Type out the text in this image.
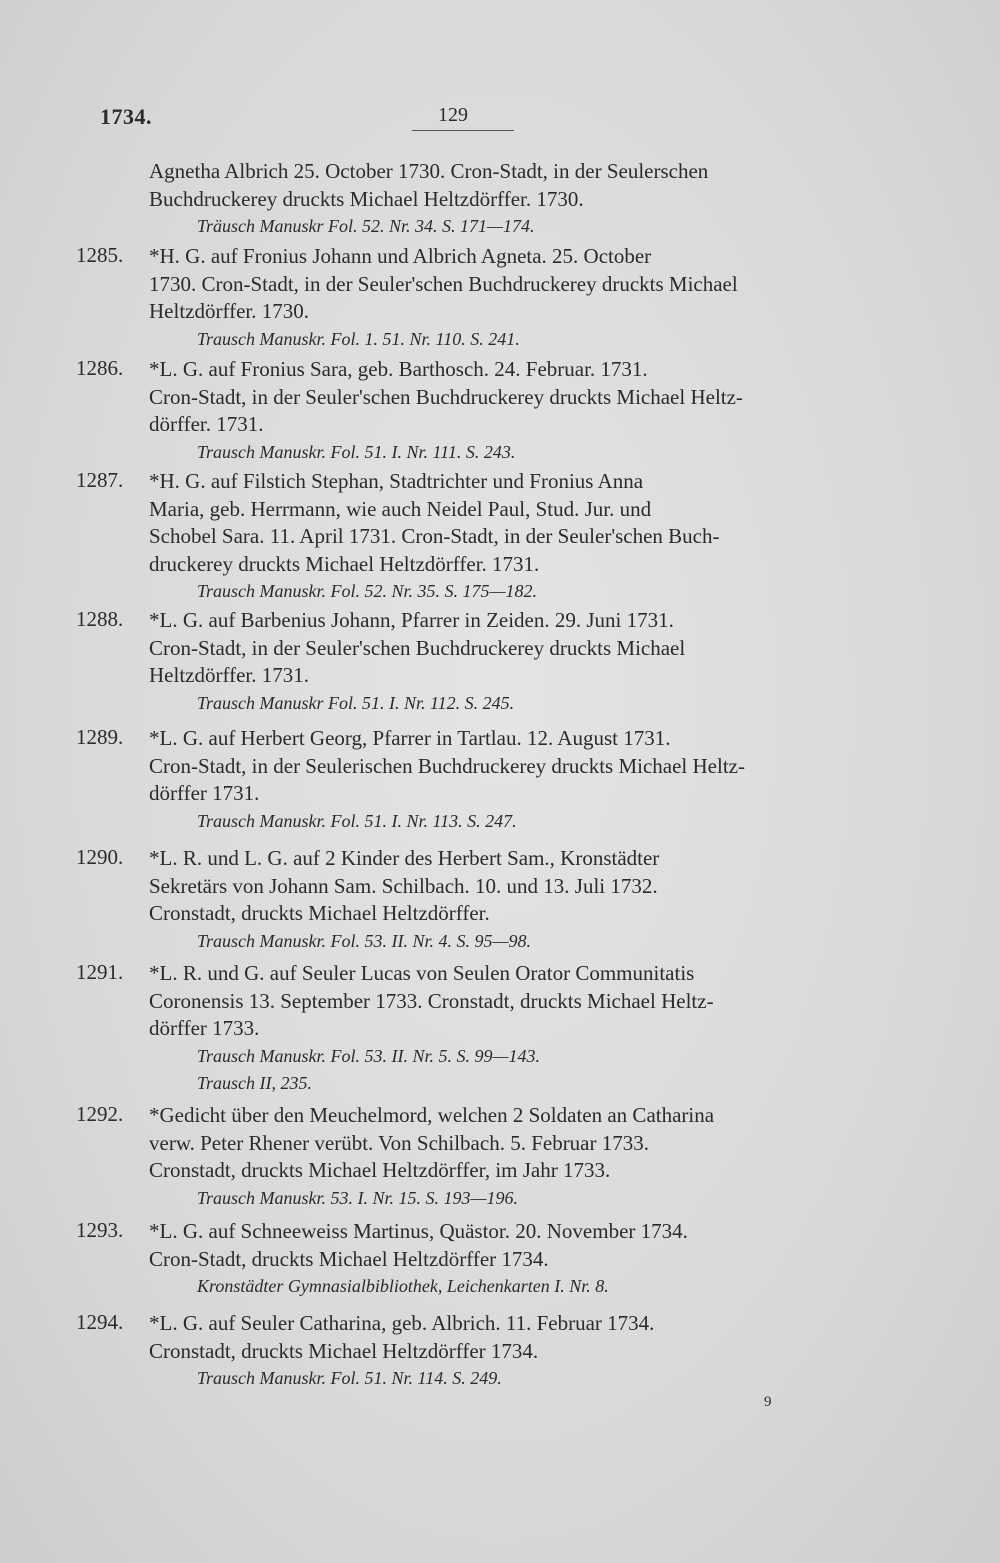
1734.	129
Agnetha Albrich 25. October 1730. Cron-Stadt, in der Seulerschen
Buchdruckerey druckts Michael Heltzdörffer. 1730.
Träusch Manuskr Fol. 52. Nr. 34. S. 171—174.
1285. *H. G. auf Fronius Johann und Albrich Agneta. 25. October
1730. Cron-Stadt, in der Seuler'schen Buchdruckerey druckts Michael
Heltzdörffer. 1730.
Trausch Manuskr. Fol. 1. 51. Nr. 110. S. 241.
1286. *L. G. auf Fronius Sara, geb. Barthosch. 24. Februar. 1731.
Cron-Stadt, in der Seuler'schen Buchdruckerey druckts Michael Heltz-
dörffer. 1731.
Trausch Manuskr. Fol. 51. I. Nr. 111. S. 243.
1287. *H. G. auf Filstich Stephan, Stadtrichter und Fronius Anna
Maria, geb. Herrmann, wie auch Neidel Paul, Stud. Jur. und
Schobel Sara. 11. April 1731. Cron-Stadt, in der Seuler'schen Buch-
druckerey druckts Michael Heltzdörffer. 1731.
Trausch Manuskr. Fol. 52. Nr. 35. S. 175—182.
1288. *L. G. auf Barbenius Johann, Pfarrer in Zeiden. 29. Juni 1731.
Cron-Stadt, in der Seuler'schen Buchdruckerey druckts Michael
Heltzdörffer. 1731.
Trausch Manuskr Fol. 51. I. Nr. 112. S. 245.
1289. *L. G. auf Herbert Georg, Pfarrer in Tartlau. 12. August 1731.
Cron-Stadt, in der Seulerischen Buchdruckerey druckts Michael Heltz-
dörffer 1731.
Trausch Manuskr. Fol. 51. I. Nr. 113. S. 247.
1290. *L. R. und L. G. auf 2 Kinder des Herbert Sam., Kronstädter
Sekretärs von Johann Sam. Schilbach. 10. und 13. Juli 1732.
Cronstadt, druckts Michael Heltzdörffer.
Trausch Manuskr. Fol. 53. II. Nr. 4. S. 95—98.
1291. *L. R. und G. auf Seuler Lucas von Seulen Orator Communitatis
Coronensis 13. September 1733. Cronstadt, druckts Michael Heltz-
dörffer 1733.
Trausch Manuskr. Fol. 53. II. Nr. 5. S. 99—143.
Trausch II, 235.
1292. *Gedicht über den Meuchelmord, welchen 2 Soldaten an Catharina
verw. Peter Rhener verübt. Von Schilbach. 5. Februar 1733.
Cronstadt, druckts Michael Heltzdörffer, im Jahr 1733.
Trausch Manuskr. 53. I. Nr. 15. S. 193—196.
1293. *L. G. auf Schneeweiss Martinus, Quästor. 20. November 1734.
Cron-Stadt, druckts Michael Heltzdörffer 1734.
Kronstädter Gymnasialbibliothek, Leichenkarten I. Nr. 8.
1294. *L. G. auf Seuler Catharina, geb. Albrich. 11. Februar 1734.
Cronstadt, druckts Michael Heltzdörffer 1734.
Trausch Manuskr. Fol. 51. Nr. 114. S. 249.
9
